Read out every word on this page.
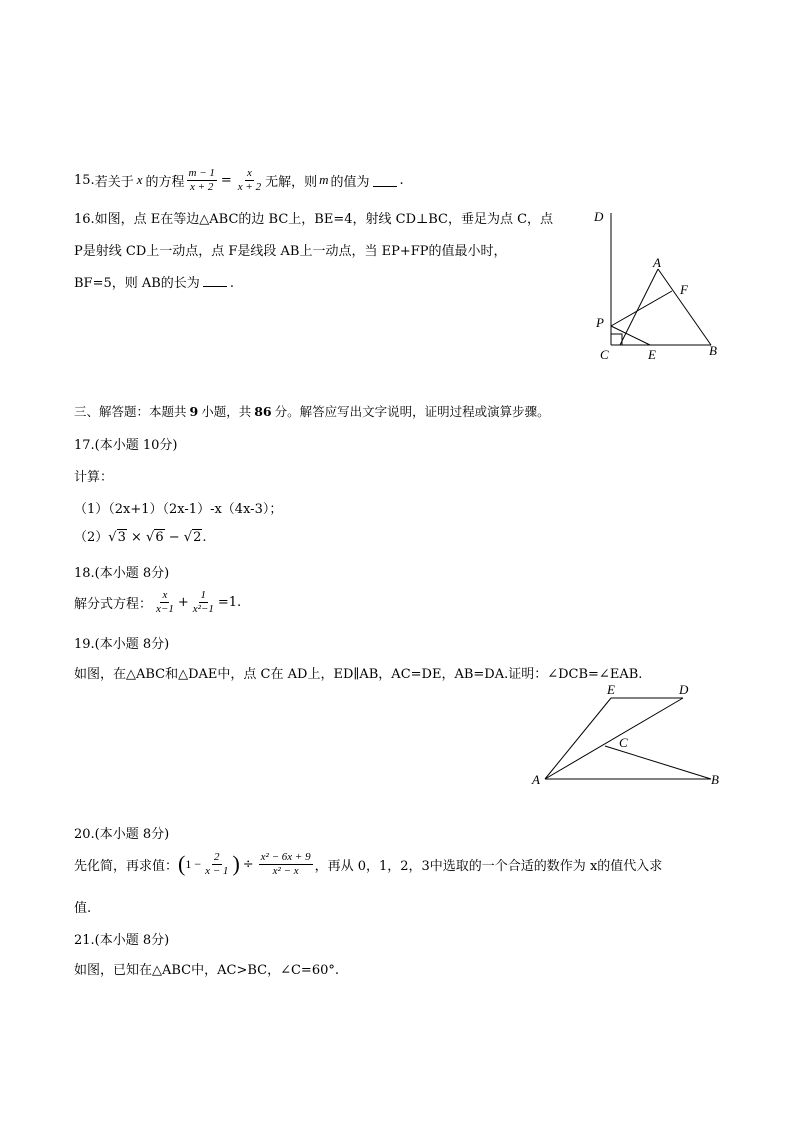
15. 若关于 x 的方程 $\frac{m - 1}{x + 2} = \frac{x}{x + 2}$ 无解，则 m 的值为 .
16.如图，点 E在等边△ABC的边 BC上，BE=4，射线 CD⊥BC，垂足为点 C，点
P是射线 CD上一动点，点 F是线段 AB上一动点，当 EP+FP的值最小时，
BF=5，则 AB的长为 .
D
A
F
P
C	E	B
三、解答题：本题共 9 小题，共 86 分。解答应写出文字说明，证明过程或演算步骤。
17.(本小题 10分)
计算：
（1）（2x+1）（2x-1）-x（4x-3）；
（2） √ 3 × √ 6 − √ 2 .
18.(本小题 8分)
解分式方程： $\frac{x}{x-1} + \frac{1}{\text{x²−1}} =1$.
19.(本小题 8分)
如图，在△ABC和△DAE中，点 C在 AD上，ED∥AB，AC=DE，AB=DA.证明：∠DCB=∠EAB.
E	D
C
A	B
20.(本小题 8分)
先化简，再求值： ( $1 - \frac{2}{x - 1}$ ) ÷ $\frac{\text{x² − 6x + 9}}{\text{x² − x}}$ ，再从 0，1，2，3中选取的一个合适的数作为 x的值代入求
值.
21.(本小题 8分)
如图，已知在△ABC中，AC>BC，∠C=60°.
